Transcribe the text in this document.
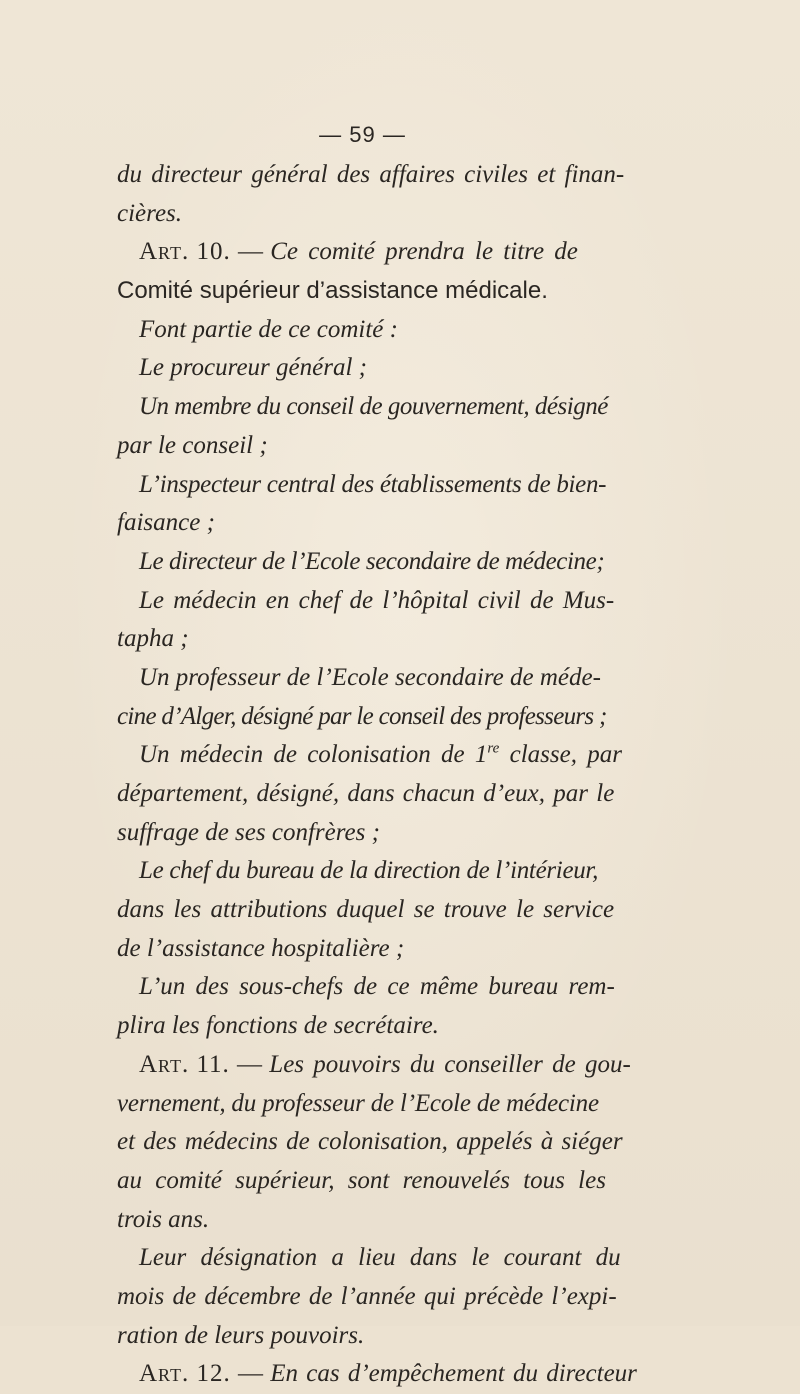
— 59 —
du directeur général des affaires civiles et finan-
cières.
Art. 10. — Ce comité prendra le titre de
Comité supérieur d’assistance médicale.
Font partie de ce comité :
Le procureur général ;
Un membre du conseil de gouvernement, désigné
par le conseil ;
L’inspecteur central des établissements de bien-
faisance ;
Le directeur de l’Ecole secondaire de médecine;
Le médecin en chef de l’hôpital civil de Mus-
tapha ;
Un professeur de l’Ecole secondaire de méde-
cine d’Alger, désigné par le conseil des professeurs ;
Un médecin de colonisation de 1re classe, par
département, désigné, dans chacun d’eux, par le
suffrage de ses confrères ;
Le chef du bureau de la direction de l’intérieur,
dans les attributions duquel se trouve le service
de l’assistance hospitalière ;
L’un des sous-chefs de ce même bureau rem-
plira les fonctions de secrétaire.
Art. 11. — Les pouvoirs du conseiller de gou-
vernement, du professeur de l’Ecole de médecine
et des médecins de colonisation, appelés à siéger
au comité supérieur, sont renouvelés tous les
trois ans.
Leur désignation a lieu dans le courant du
mois de décembre de l’année qui précède l’expi-
ration de leurs pouvoirs.
Art. 12. — En cas d’empêchement du directeur
